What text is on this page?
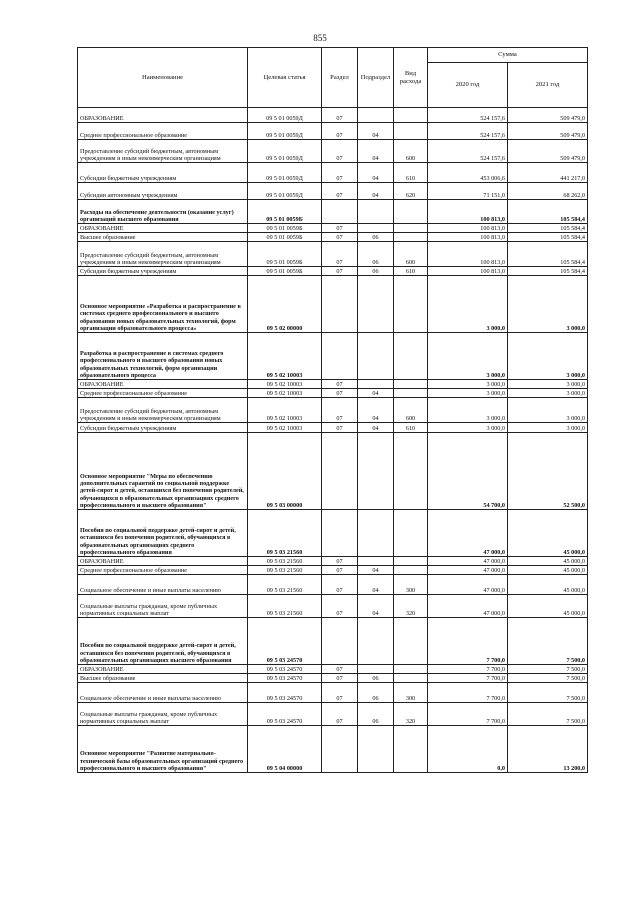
855
Наименование	Целевая статья	Раздел	Подраздел	Вид расхода	Сумма	
					2020 год	2021 год
ОБРАЗОВАНИЕ	09 5 01 0059Д	07			524 157,6	509 479,0
Среднее профессиональное образование	09 5 01 0059Д	07	04		524 157,6	509 479,0
Предоставление субсидий бюджетным, автономным учреждениям и иным некоммерческим организациям	09 5 01 0059Д	07	04	600	524 157,6	509 479,0
Субсидии бюджетным учреждениям	09 5 01 0059Д	07	04	610	453 006,6	441 217,0
Субсидии автономным учреждениям	09 5 01 0059Д	07	04	620	71 151,0	68 262,0
Расходы на обеспечение деятельности (оказание услуг) организаций высшего образования	09 5 01 0059Б				100 813,0	105 584,4
ОБРАЗОВАНИЕ	09 5 01 0059Б	07			100 813,0	105 584,4
Высшее образование	09 5 01 0059Б	07	06		100 813,0	105 584,4
Предоставление субсидий бюджетным, автономным учреждениям и иным некоммерческим организациям	09 5 01 0059Б	07	06	600	100 813,0	105 584,4
Субсидии бюджетным учреждениям	09 5 01 0059Б	07	06	610	100 813,0	105 584,4
Основное мероприятие «Разработка и распространение в системах среднего профессионального и высшего образования новых образовательных технологий, форм организации образовательного процесса»	09 5 02 00000				3 000,0	3 000,0
Разработка и распространение в системах среднего профессионального и высшего образования новых образовательных технологий, форм организации образовательного процесса	09 5 02 10003				3 000,0	3 000,0
ОБРАЗОВАНИЕ	09 5 02 10003	07			3 000,0	3 000,0
Среднее профессиональное образование	09 5 02 10003	07	04		3 000,0	3 000,0
Предоставление субсидий бюджетным, автономным учреждениям и иным некоммерческим организациям	09 5 02 10003	07	04	600	3 000,0	3 000,0
Субсидии бюджетным учреждениям	09 5 02 10003	07	04	610	3 000,0	3 000,0
Основное мероприятие "Меры по обеспечению дополнительных гарантий по социальной поддержке детей-сирот и детей, оставшихся без попечения родителей, обучающихся в образовательных организациях среднего профессионального и высшего образования"	09 5 03 00000				54 700,0	52 500,0
Пособия по социальной поддержке детей-сирот и детей, оставшихся без попечения родителей, обучающихся в образовательных организациях среднего профессионального образования	09 5 03 21560				47 000,0	45 000,0
ОБРАЗОВАНИЕ	09 5 03 21560	07			47 000,0	45 000,0
Среднее профессиональное образование	09 5 03 21560	07	04		47 000,0	45 000,0
Социальное обеспечение и иные выплаты населению	09 5 03 21560	07	04	300	47 000,0	45 000,0
Социальные выплаты гражданам, кроме публичных нормативных социальных выплат	09 5 03 21560	07	04	320	47 000,0	45 000,0
Пособия по социальной поддержке детей-сирот и детей, оставшихся без попечения родителей, обучающихся в образовательных организациях высшего образования	09 5 03 24570				7 700,0	7 500,0
ОБРАЗОВАНИЕ	09 5 03 24570	07			7 700,0	7 500,0
Высшее образование	09 5 03 24570	07	06		7 700,0	7 500,0
Социальное обеспечение и иные выплаты населению	09 5 03 24570	07	06	300	7 700,0	7 500,0
Социальные выплаты гражданам, кроме публичных нормативных социальных выплат	09 5 03 24570	07	06	320	7 700,0	7 500,0
Основное мероприятие "Развитие материально-технической базы образовательных организаций среднего профессионального и высшего образования"	09 5 04 00000				0,0	13 200,0
